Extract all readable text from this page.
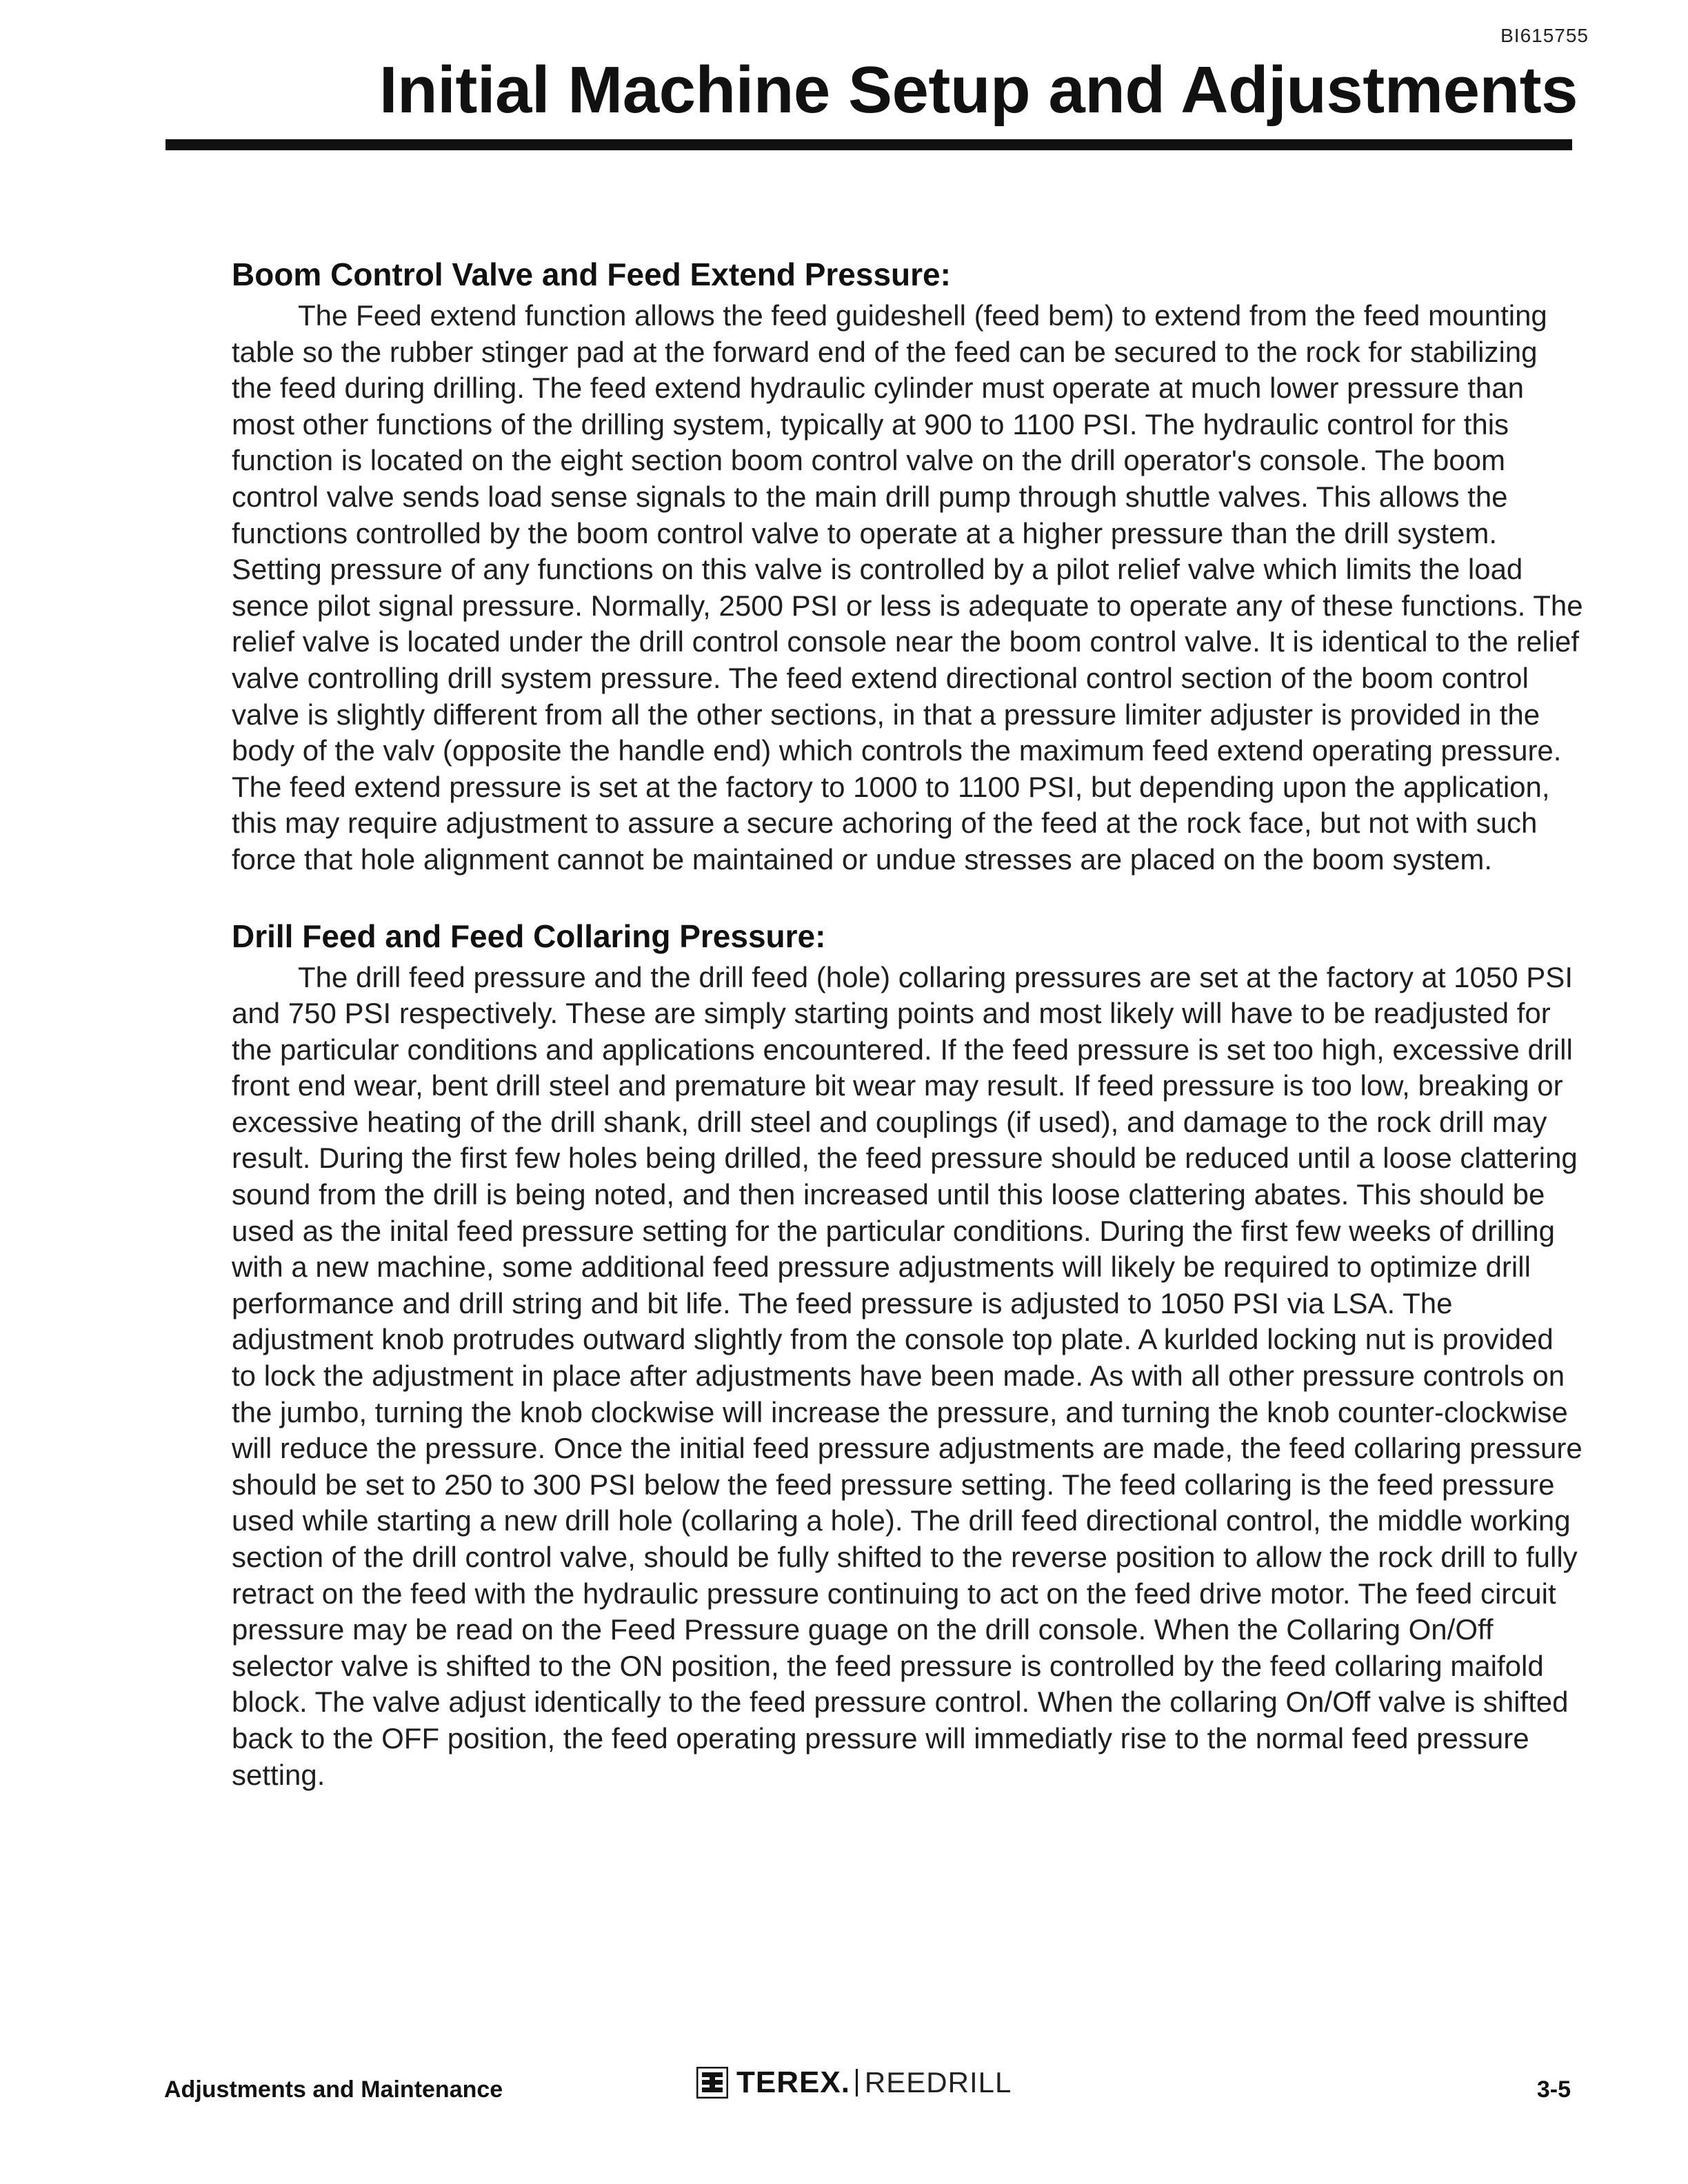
BI615755
Initial Machine Setup and Adjustments
Boom Control Valve and Feed Extend Pressure:

The Feed extend function allows the feed guideshell (feed bem) to extend from the feed mounting table so the rubber stinger pad at the forward end of the feed can be secured to the rock for stabilizing the feed during drilling. The feed extend hydraulic cylinder must operate at much lower pressure than most other functions of the drilling system, typically at 900 to 1100 PSI. The hydraulic control for this function is located on the eight section boom control valve on the drill operator's console. The boom control valve sends load sense signals to the main drill pump through shuttle valves. This allows the functions controlled by the boom control valve to operate at a higher pressure than the drill system. Setting pressure of any functions on this valve is controlled by a pilot relief valve which limits the load sence pilot signal pressure. Normally, 2500 PSI or less is adequate to operate any of these functions. The relief valve is located under the drill control console near the boom control valve. It is identical to the relief valve controlling drill system pressure. The feed extend directional control section of the boom control valve is slightly different from all the other sections, in that a pressure limiter adjuster is provided in the body of the valv (opposite the handle end) which controls the maximum feed extend operating pressure. The feed extend pressure is set at the factory to 1000 to 1100 PSI, but depending upon the application, this may require adjustment to assure a secure achoring of the feed at the rock face, but not with such force that hole alignment cannot be maintained or undue stresses are placed on the boom system.

Drill Feed and Feed Collaring Pressure:

The drill feed pressure and the drill feed (hole) collaring pressures are set at the factory at 1050 PSI and 750 PSI respectively. These are simply starting points and most likely will have to be readjusted for the particular conditions and applications encountered. If the feed pressure is set too high, excessive drill front end wear, bent drill steel and premature bit wear may result. If feed pressure is too low, breaking or excessive heating of the drill shank, drill steel and couplings (if used), and damage to the rock drill may result. During the first few holes being drilled, the feed pressure should be reduced until a loose clattering sound from the drill is being noted, and then increased until this loose clattering abates. This should be used as the inital feed pressure setting for the particular conditions. During the first few weeks of drilling with a new machine, some additional feed pressure adjustments will likely be required to optimize drill performance and drill string and bit life. The feed pressure is adjusted to 1050 PSI via LSA. The adjustment knob protrudes outward slightly from the console top plate. A kurlded locking nut is provided to lock the adjustment in place after adjustments have been made. As with all other pressure controls on the jumbo, turning the knob clockwise will increase the pressure, and turning the knob counter-clockwise will reduce the pressure. Once the initial feed pressure adjustments are made, the feed collaring pressure should be set to 250 to 300 PSI below the feed pressure setting. The feed collaring is the feed pressure used while starting a new drill hole (collaring a hole). The drill feed directional control, the middle working section of the drill control valve, should be fully shifted to the reverse position to allow the rock drill to fully retract on the feed with the hydraulic pressure continuing to act on the feed drive motor. The feed circuit pressure may be read on the Feed Pressure guage on the drill console. When the Collaring On/Off selector valve is shifted to the ON position, the feed pressure is controlled by the feed collaring maifold block. The valve adjust identically to the feed pressure control. When the collaring On/Off valve is shifted back to the OFF position, the feed operating pressure will immediatly rise to the normal feed pressure setting.

Adjustments and Maintenance	TEREX. REEDRILL	3-5
